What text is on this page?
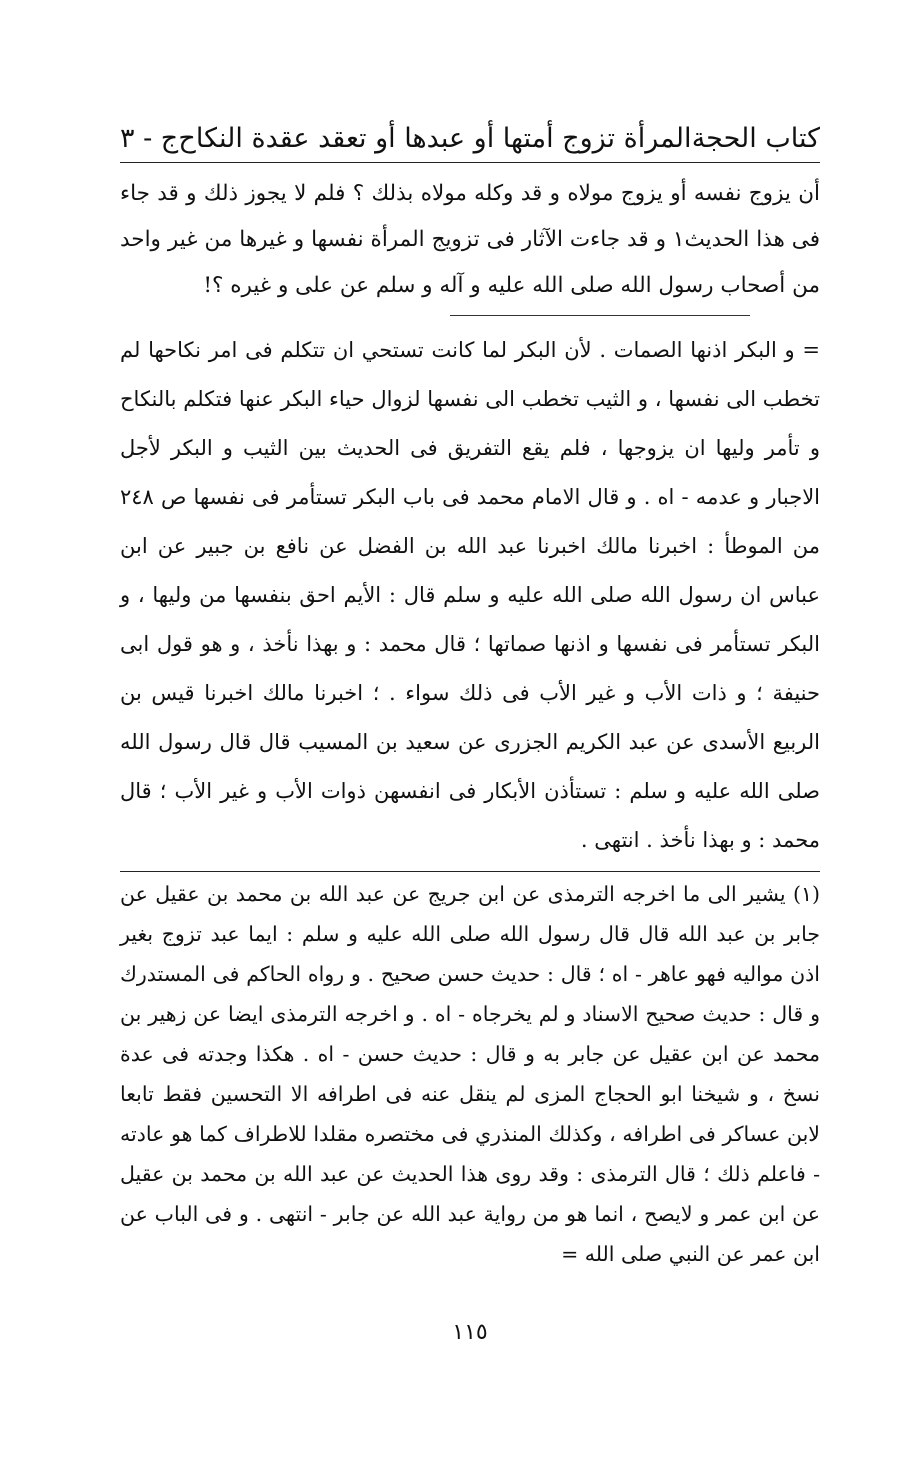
كتاب الحجة
المرأة تزوج أمتها أو عبدها أو تعقد عقدة النكاح
ج - ٣

أن يزوج نفسه أو يزوج مولاه و قد وكله مولاه بذلك ؟ فلم لا يجوز ذلك و قد جاء فى هذا الحديث١ و قد جاءت الآثار فى تزويج المرأة نفسها و غيرها من غير واحد من أصحاب رسول الله صلى الله عليه و آله و سلم عن على و غيره ؟!

= و البكر اذنها الصمات . لأن البكر لما كانت تستحي ان تتكلم فى امر نكاحها لم تخطب الى نفسها ، و الثيب تخطب الى نفسها لزوال حياء البكر عنها فتكلم بالنكاح و تأمر وليها ان يزوجها ، فلم يقع التفريق فى الحديث بين الثيب و البكر لأجل الاجبار و عدمه - اه . و قال الامام محمد فى باب البكر تستأمر فى نفسها ص ٢٤٨ من الموطأ : اخبرنا مالك اخبرنا عبد الله بن الفضل عن نافع بن جبير عن ابن عباس ان رسول الله صلى الله عليه و سلم قال : الأيم احق بنفسها من وليها ، و البكر تستأمر فى نفسها و اذنها صماتها ؛ قال محمد : و بهذا نأخذ ، و هو قول ابى حنيفة ؛ و ذات الأب و غير الأب فى ذلك سواء . ؛ اخبرنا مالك اخبرنا قيس بن الربيع الأسدى عن عبد الكريم الجزرى عن سعيد بن المسيب قال قال رسول الله صلى الله عليه و سلم : تستأذن الأبكار فى انفسهن ذوات الأب و غير الأب ؛ قال محمد : و بهذا نأخذ . انتهى .

(١) يشير الى ما اخرجه الترمذى عن ابن جريج عن عبد الله بن محمد بن عقيل عن جابر بن عبد الله قال قال رسول الله صلى الله عليه و سلم : ايما عبد تزوج بغير اذن مواليه فهو عاهر - اه ؛ قال : حديث حسن صحيح . و رواه الحاكم فى المستدرك و قال : حديث صحيح الاسناد و لم يخرجاه - اه . و اخرجه الترمذى ايضا عن زهير بن محمد عن ابن عقيل عن جابر به و قال : حديث حسن - اه . هكذا وجدته فى عدة نسخ ، و شيخنا ابو الحجاج المزى لم ينقل عنه فى اطرافه الا التحسين فقط تابعا لابن عساكر فى اطرافه ، وكذلك المنذري فى مختصره مقلدا للاطراف كما هو عادته - فاعلم ذلك ؛ قال الترمذى : وقد روى هذا الحديث عن عبد الله بن محمد بن عقيل عن ابن عمر و لايصح ، انما هو من رواية عبد الله عن جابر - انتهى . و فى الباب عن ابن عمر عن النبي صلى الله =

١١٥
